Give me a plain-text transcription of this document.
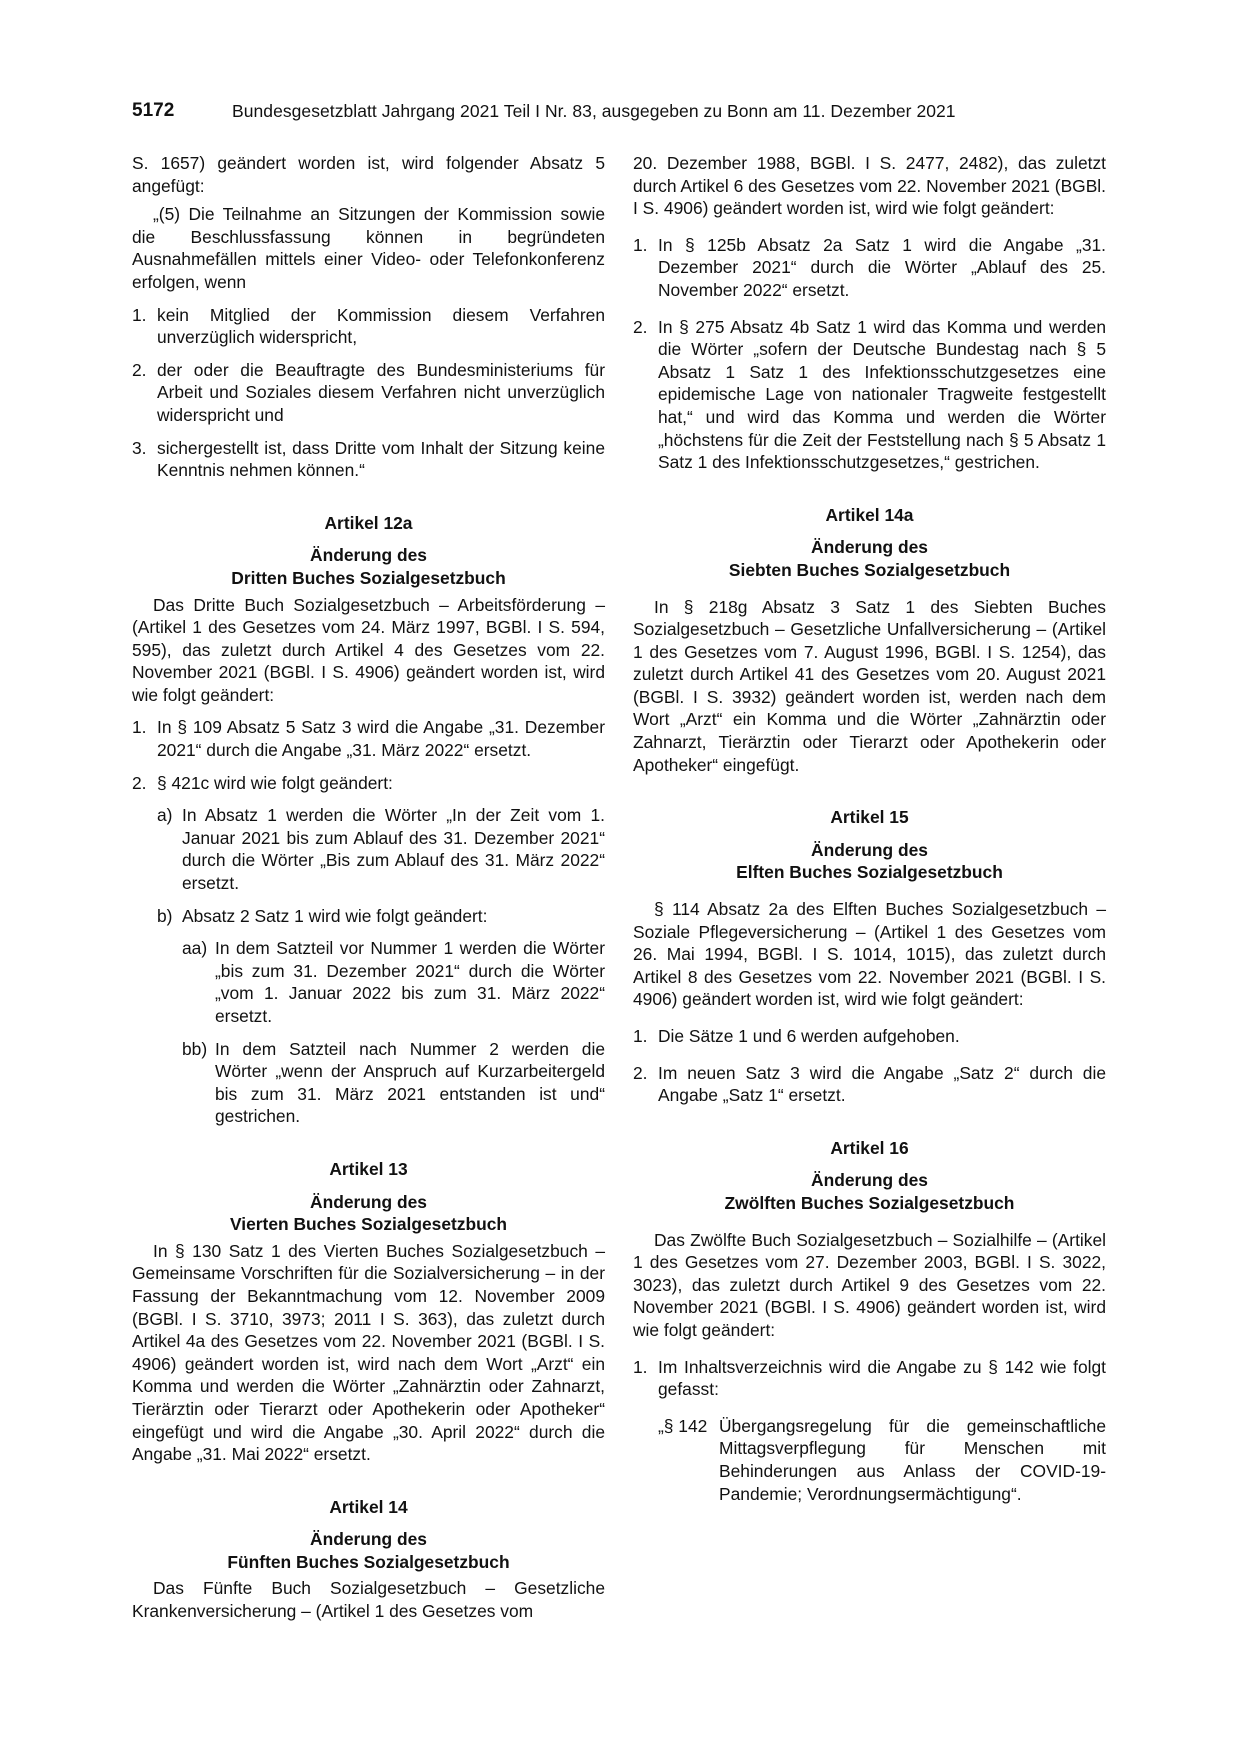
5172	Bundesgesetzblatt Jahrgang 2021 Teil I Nr. 83, ausgegeben zu Bonn am 11. Dezember 2021

S. 1657) geändert worden ist, wird folgender Absatz 5 angefügt:

„(5) Die Teilnahme an Sitzungen der Kommission sowie die Beschlussfassung können in begründeten Ausnahmefällen mittels einer Video- oder Telefonkonferenz erfolgen, wenn

1. kein Mitglied der Kommission diesem Verfahren unverzüglich widerspricht,
2. der oder die Beauftragte des Bundesministeriums für Arbeit und Soziales diesem Verfahren nicht unverzüglich widerspricht und
3. sichergestellt ist, dass Dritte vom Inhalt der Sitzung keine Kenntnis nehmen können.“

Artikel 12a

Änderung des

Dritten Buches Sozialgesetzbuch

Das Dritte Buch Sozialgesetzbuch – Arbeitsförderung – (Artikel 1 des Gesetzes vom 24. März 1997, BGBl. I S. 594, 595), das zuletzt durch Artikel 4 des Gesetzes vom 22. November 2021 (BGBl. I S. 4906) geändert worden ist, wird wie folgt geändert:

1. In § 109 Absatz 5 Satz 3 wird die Angabe „31. Dezember 2021“ durch die Angabe „31. März 2022“ ersetzt.
2. § 421c wird wie folgt geändert:
a) In Absatz 1 werden die Wörter „In der Zeit vom 1. Januar 2021 bis zum Ablauf des 31. Dezember 2021“ durch die Wörter „Bis zum Ablauf des 31. März 2022“ ersetzt.
b) Absatz 2 Satz 1 wird wie folgt geändert:
aa) In dem Satzteil vor Nummer 1 werden die Wörter „bis zum 31. Dezember 2021“ durch die Wörter „vom 1. Januar 2022 bis zum 31. März 2022“ ersetzt.
bb) In dem Satzteil nach Nummer 2 werden die Wörter „wenn der Anspruch auf Kurzarbeitergeld bis zum 31. März 2021 entstanden ist und“ gestrichen.

Artikel 13

Änderung des

Vierten Buches Sozialgesetzbuch

In § 130 Satz 1 des Vierten Buches Sozialgesetzbuch – Gemeinsame Vorschriften für die Sozialversicherung – in der Fassung der Bekanntmachung vom 12. November 2009 (BGBl. I S. 3710, 3973; 2011 I S. 363), das zuletzt durch Artikel 4a des Gesetzes vom 22. November 2021 (BGBl. I S. 4906) geändert worden ist, wird nach dem Wort „Arzt“ ein Komma und werden die Wörter „Zahnärztin oder Zahnarzt, Tierärztin oder Tierarzt oder Apothekerin oder Apotheker“ eingefügt und wird die Angabe „30. April 2022“ durch die Angabe „31. Mai 2022“ ersetzt.

Artikel 14

Änderung des

Fünften Buches Sozialgesetzbuch

Das Fünfte Buch Sozialgesetzbuch – Gesetzliche Krankenversicherung – (Artikel 1 des Gesetzes vom

20. Dezember 1988, BGBl. I S. 2477, 2482), das zuletzt durch Artikel 6 des Gesetzes vom 22. November 2021 (BGBl. I S. 4906) geändert worden ist, wird wie folgt geändert:

1. In § 125b Absatz 2a Satz 1 wird die Angabe „31. Dezember 2021“ durch die Wörter „Ablauf des 25. November 2022“ ersetzt.
2. In § 275 Absatz 4b Satz 1 wird das Komma und werden die Wörter „sofern der Deutsche Bundestag nach § 5 Absatz 1 Satz 1 des Infektionsschutzgesetzes eine epidemische Lage von nationaler Tragweite festgestellt hat,“ und wird das Komma und werden die Wörter „höchstens für die Zeit der Feststellung nach § 5 Absatz 1 Satz 1 des Infektionsschutzgesetzes,“ gestrichen.

Artikel 14a

Änderung des

Siebten Buches Sozialgesetzbuch

In § 218g Absatz 3 Satz 1 des Siebten Buches Sozialgesetzbuch – Gesetzliche Unfallversicherung – (Artikel 1 des Gesetzes vom 7. August 1996, BGBl. I S. 1254), das zuletzt durch Artikel 41 des Gesetzes vom 20. August 2021 (BGBl. I S. 3932) geändert worden ist, werden nach dem Wort „Arzt“ ein Komma und die Wörter „Zahnärztin oder Zahnarzt, Tierärztin oder Tierarzt oder Apothekerin oder Apotheker“ eingefügt.

Artikel 15

Änderung des

Elften Buches Sozialgesetzbuch

§ 114 Absatz 2a des Elften Buches Sozialgesetzbuch – Soziale Pflegeversicherung – (Artikel 1 des Gesetzes vom 26. Mai 1994, BGBl. I S. 1014, 1015), das zuletzt durch Artikel 8 des Gesetzes vom 22. November 2021 (BGBl. I S. 4906) geändert worden ist, wird wie folgt geändert:

1. Die Sätze 1 und 6 werden aufgehoben.
2. Im neuen Satz 3 wird die Angabe „Satz 2“ durch die Angabe „Satz 1“ ersetzt.

Artikel 16

Änderung des

Zwölften Buches Sozialgesetzbuch

Das Zwölfte Buch Sozialgesetzbuch – Sozialhilfe – (Artikel 1 des Gesetzes vom 27. Dezember 2003, BGBl. I S. 3022, 3023), das zuletzt durch Artikel 9 des Gesetzes vom 22. November 2021 (BGBl. I S. 4906) geändert worden ist, wird wie folgt geändert:

1. Im Inhaltsverzeichnis wird die Angabe zu § 142 wie folgt gefasst:
„§ 142 Übergangsregelung für die gemeinschaftliche Mittagsverpflegung für Menschen mit Behinderungen aus Anlass der COVID-19-Pandemie; Verordnungsermächtigung“.
